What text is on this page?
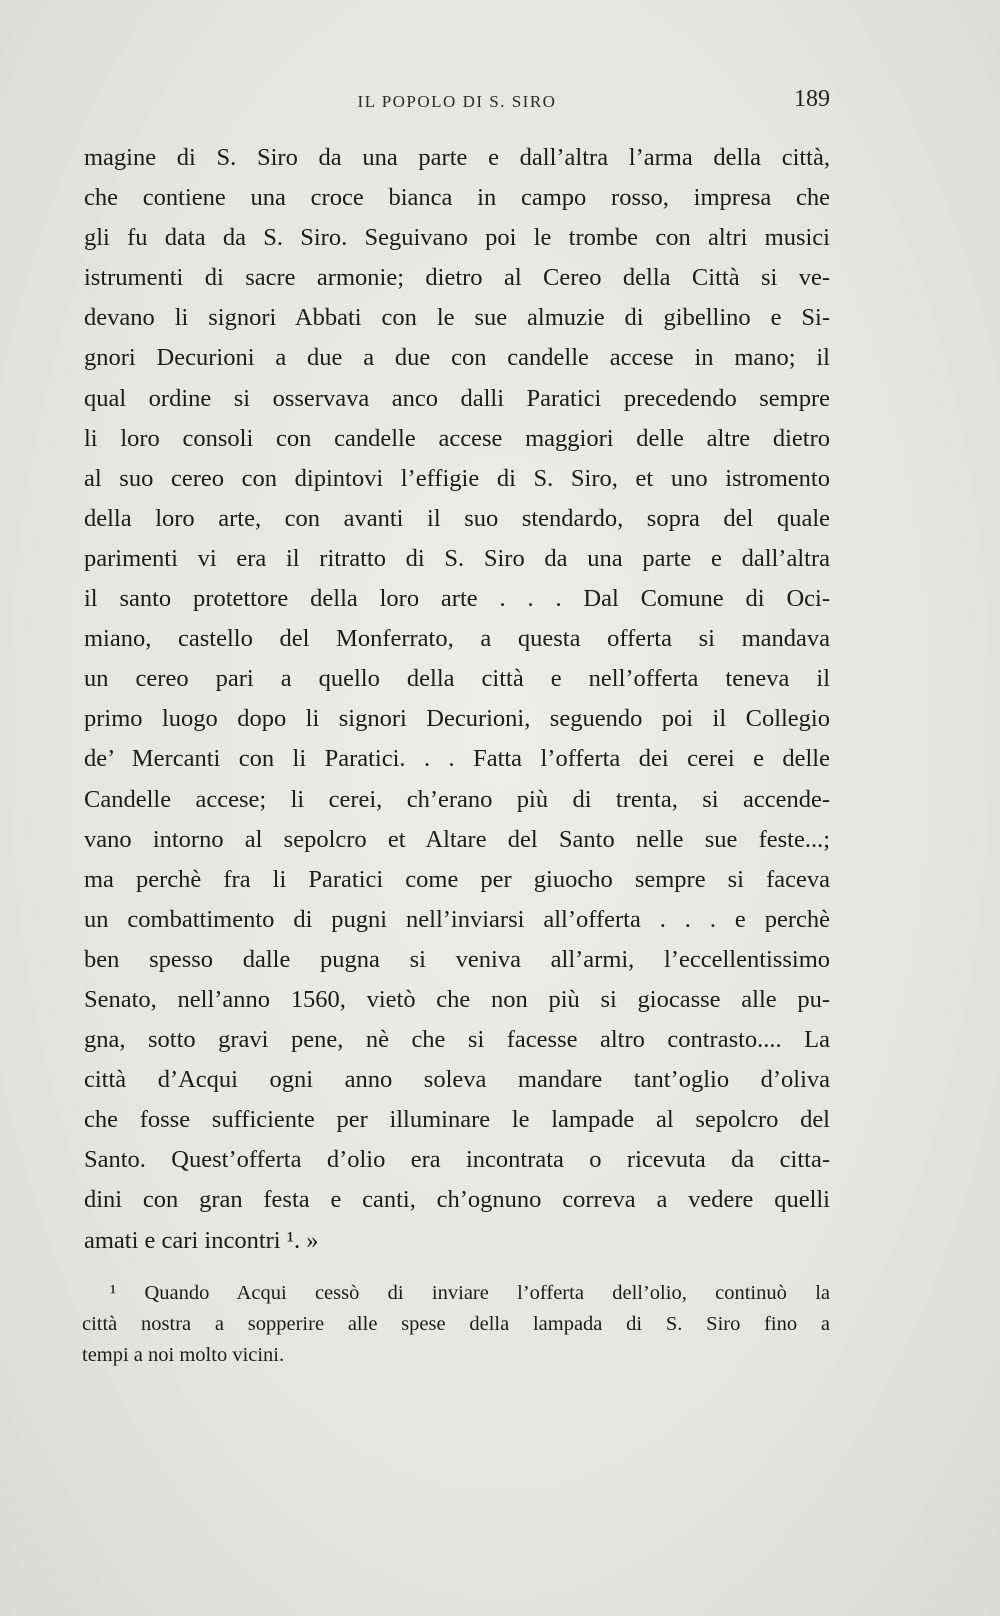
IL POPOLO DI S. SIRO	189
magine di S. Siro da una parte e dall’altra l’arma della città,
che contiene una croce bianca in campo rosso, impresa che
gli fu data da S. Siro. Seguivano poi le trombe con altri musici
istrumenti di sacre armonie; dietro al Cereo della Città si ve-
devano li signori Abbati con le sue almuzie di gibellino e Si-
gnori Decurioni a due a due con candelle accese in mano; il
qual ordine si osservava anco dalli Paratici precedendo sempre
li loro consoli con candelle accese maggiori delle altre dietro
al suo cereo con dipintovi l’effigie di S. Siro, et uno istromento
della loro arte, con avanti il suo stendardo, sopra del quale
parimenti vi era il ritratto di S. Siro da una parte e dall’altra
il santo protettore della loro arte . . . Dal Comune di Oci-
miano, castello del Monferrato, a questa offerta si mandava
un cereo pari a quello della città e nell’offerta teneva il
primo luogo dopo li signori Decurioni, seguendo poi il Collegio
de’ Mercanti con li Paratici. . . Fatta l’offerta dei cerei e delle
Candelle accese; li cerei, ch’erano più di trenta, si accende-
vano intorno al sepolcro et Altare del Santo nelle sue feste...;
ma perchè fra li Paratici come per giuocho sempre si faceva
un combattimento di pugni nell’inviarsi all’offerta . . . e perchè
ben spesso dalle pugna si veniva all’armi, l’eccellentissimo
Senato, nell’anno 1560, vietò che non più si giocasse alle pu-
gna, sotto gravi pene, nè che si facesse altro contrasto.... La
città d’Acqui ogni anno soleva mandare tant’oglio d’oliva
che fosse sufficiente per illuminare le lampade al sepolcro del
Santo. Quest’offerta d’olio era incontrata o ricevuta da citta-
dini con gran festa e canti, ch’ognuno correva a vedere quelli
amati e cari incontri ¹. »
¹ Quando Acqui cessò di inviare l’offerta dell’olio, continuò la
città nostra a sopperire alle spese della lampada di S. Siro fino a
tempi a noi molto vicini.
